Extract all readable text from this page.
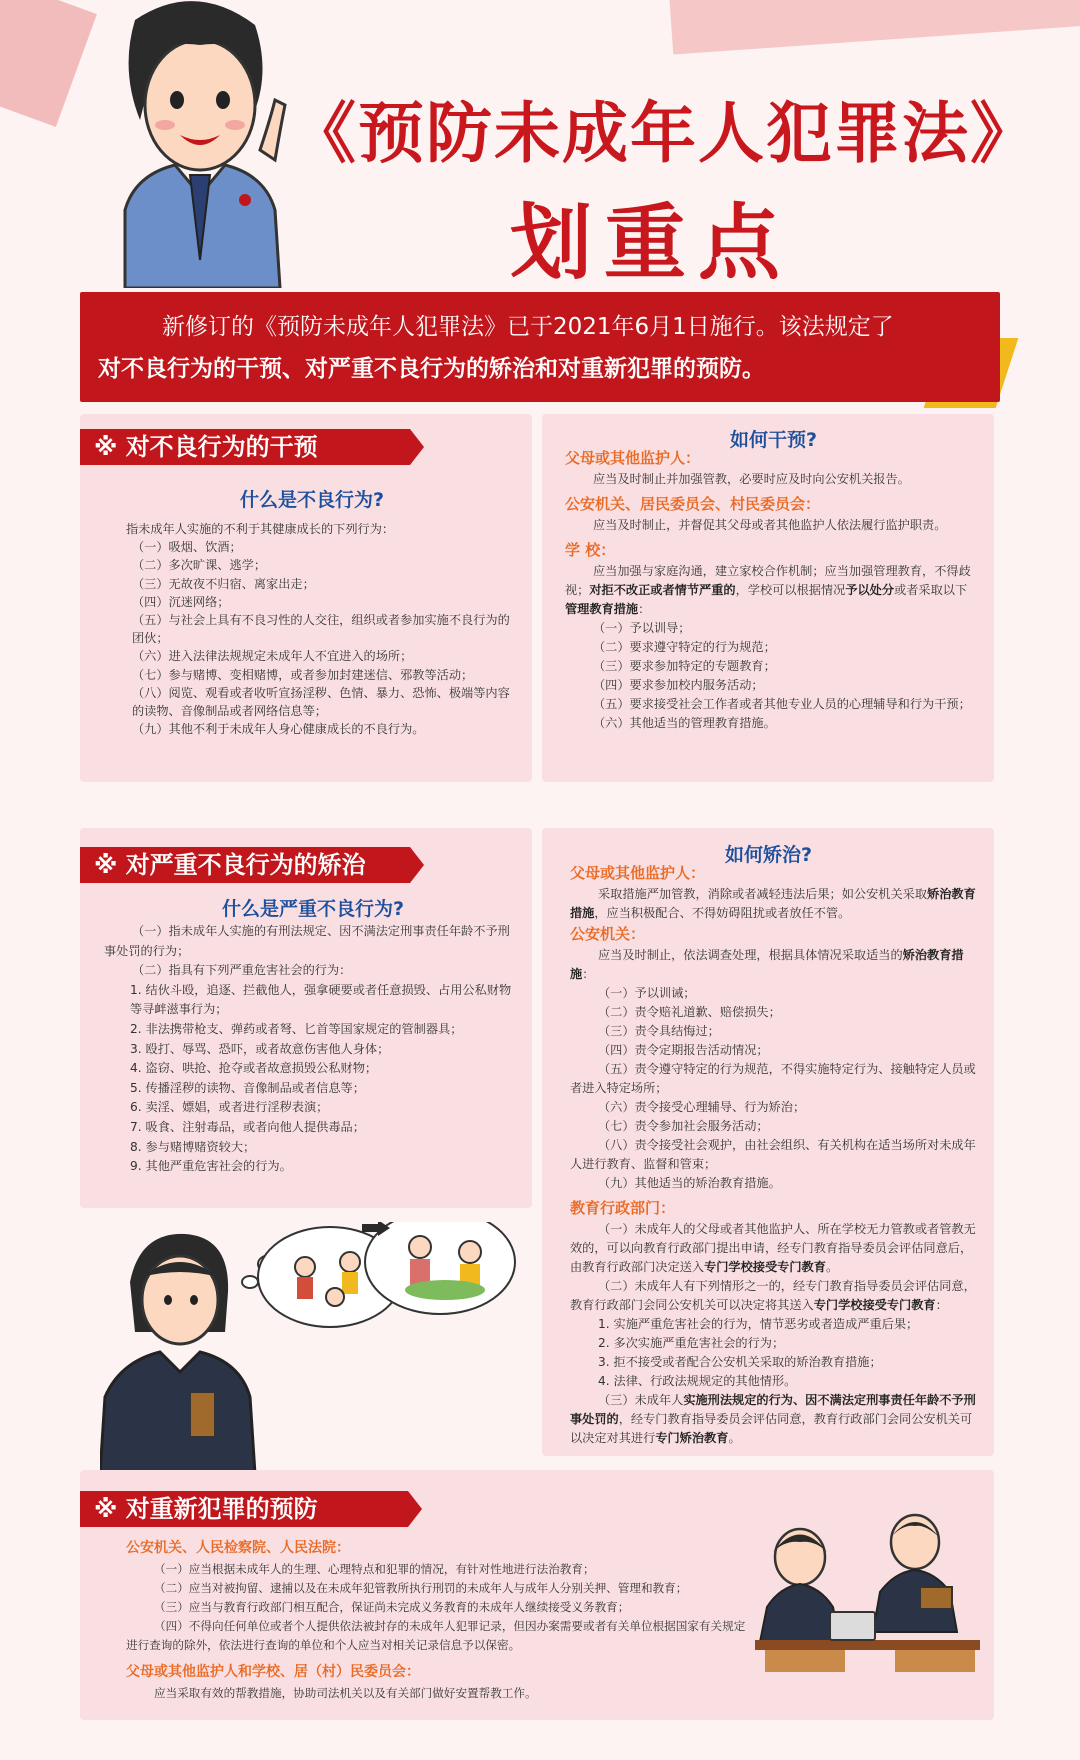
《预防未成年人犯罪法》
划重点
新修订的《预防未成年人犯罪法》已于2021年6月1日施行。该法规定了
对不良行为的干预、对严重不良行为的矫治和对重新犯罪的预防。
※ 对不良行为的干预
什么是不良行为?

指未成年人实施的不利于其健康成长的下列行为：

（一）吸烟、饮酒；

（二）多次旷课、逃学；

（三）无故夜不归宿、离家出走；

（四）沉迷网络；

（五）与社会上具有不良习性的人交往，组织或者参加实施不良行为的团伙；

（六）进入法律法规规定未成年人不宜进入的场所；

（七）参与赌博、变相赌博，或者参加封建迷信、邪教等活动；

（八）阅览、观看或者收听宣扬淫秽、色情、暴力、恐怖、极端等内容的读物、音像制品或者网络信息等；

（九）其他不利于未成年人身心健康成长的不良行为。

如何干预?
父母或其他监护人：

应当及时制止并加强管教，必要时应及时向公安机关报告。

公安机关、居民委员会、村民委员会：

应当及时制止，并督促其父母或者其他监护人依法履行监护职责。

学 校：

应当加强与家庭沟通，建立家校合作机制；应当加强管理教育，不得歧视；对拒不改正或者情节严重的，学校可以根据情况予以处分或者采取以下管理教育措施：

（一）予以训导；

（二）要求遵守特定的行为规范；

（三）要求参加特定的专题教育；

（四）要求参加校内服务活动；

（五）要求接受社会工作者或者其他专业人员的心理辅导和行为干预；

（六）其他适当的管理教育措施。

※ 对严重不良行为的矫治
什么是严重不良行为?

（一）指未成年人实施的有刑法规定、因不满法定刑事责任年龄不予刑事处罚的行为；

（二）指具有下列严重危害社会的行为：

1. 结伙斗殴，追逐、拦截他人，强拿硬要或者任意损毁、占用公私财物等寻衅滋事行为；

2. 非法携带枪支、弹药或者弩、匕首等国家规定的管制器具；

3. 殴打、辱骂、恐吓，或者故意伤害他人身体；

4. 盗窃、哄抢、抢夺或者故意损毁公私财物；

5. 传播淫秽的读物、音像制品或者信息等；

6. 卖淫、嫖娼，或者进行淫秽表演；

7. 吸食、注射毒品，或者向他人提供毒品；

8. 参与赌博赌资较大；

9. 其他严重危害社会的行为。

如何矫治?
父母或其他监护人：

采取措施严加管教，消除或者减轻违法后果；如公安机关采取矫治教育措施，应当积极配合、不得妨碍阻扰或者放任不管。

公安机关：

应当及时制止，依法调查处理，根据具体情况采取适当的矫治教育措施：

（一）予以训诫；

（二）责令赔礼道歉、赔偿损失；

（三）责令具结悔过；

（四）责令定期报告活动情况；

（五）责令遵守特定的行为规范，不得实施特定行为、接触特定人员或者进入特定场所；

（六）责令接受心理辅导、行为矫治；

（七）责令参加社会服务活动；

（八）责令接受社会观护，由社会组织、有关机构在适当场所对未成年人进行教育、监督和管束；

（九）其他适当的矫治教育措施。

教育行政部门：

（一）未成年人的父母或者其他监护人、所在学校无力管教或者管教无效的，可以向教育行政部门提出申请，经专门教育指导委员会评估同意后，由教育行政部门决定送入专门学校接受专门教育。

（二）未成年人有下列情形之一的，经专门教育指导委员会评估同意，教育行政部门会同公安机关可以决定将其送入专门学校接受专门教育：

1. 实施严重危害社会的行为，情节恶劣或者造成严重后果；

2. 多次实施严重危害社会的行为；

3. 拒不接受或者配合公安机关采取的矫治教育措施；

4. 法律、行政法规规定的其他情形。

（三）未成年人实施刑法规定的行为、因不满法定刑事责任年龄不予刑事处罚的，经专门教育指导委员会评估同意，教育行政部门会同公安机关可以决定对其进行专门矫治教育。

※ 对重新犯罪的预防
公安机关、人民检察院、人民法院：

（一）应当根据未成年人的生理、心理特点和犯罪的情况，有针对性地进行法治教育；

（二）应当对被拘留、逮捕以及在未成年犯管教所执行刑罚的未成年人与成年人分别关押、管理和教育；

（三）应当与教育行政部门相互配合，保证尚未完成义务教育的未成年人继续接受义务教育；

（四）不得向任何单位或者个人提供依法被封存的未成年人犯罪记录，但因办案需要或者有关单位根据国家有关规定进行查询的除外，依法进行查询的单位和个人应当对相关记录信息予以保密。

父母或其他监护人和学校、居（村）民委员会：

应当采取有效的帮教措施，协助司法机关以及有关部门做好安置帮教工作。
